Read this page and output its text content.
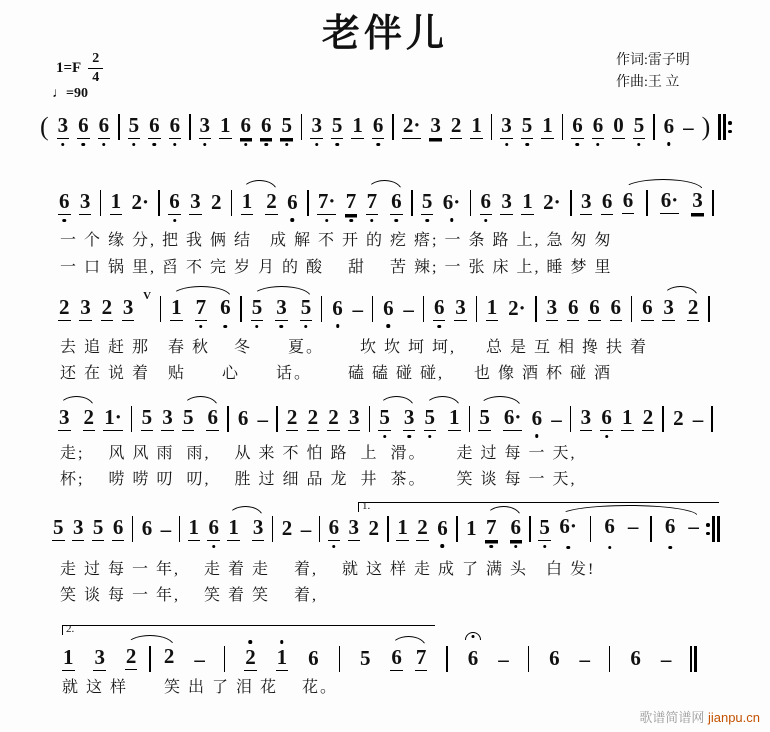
老伴儿
$1=F \frac{2}{4}$
♩=90
作词:雷子明
作曲:王 立
1.
2.
( 3 6 6 5 6 6 3 1 6 6 5 3 5 1 6 2· 3 2 1 3 5 1 6 6 0 5 6 – )
6 3 1 2· 6 3 2 1 2 6 7· 7 7 6 5 6· 6 3 1 2· 3 6 6 6· 3
2 3 2 3 V 1 7 6 5 3 5 6 – 6 – 6 3 1 2· 3 6 6 6 6 3 2
3 2 1· 5 3 5 6 6 – 2 2 2 3 5 3 5 1 5 6· 6 – 3 6 1 2 2 –
5 3 5 6 6 – 1 6 1 3 2 – 6 3 2 1 2 6 1 7 6 5 6· 6 – 6 –
1 3 2 2 – 2 1 6 5 6 7 6 – 6 – 6 –
一 个 缘 分, 把 我 俩 结   成 解 不 开 的 疙 瘩; 一 条 路 上, 急 匆 匆
一 口 锅 里, 舀 不 完 岁 月 的 酸    甜    苦 辣; 一 张 床 上, 睡 梦 里
去 追 赶 那   春 秋    冬      夏。      坎 坎 坷 坷,     总 是 互 相 搀 扶 着
还 在 说 着   贴      心      话。      磕 磕 碰 碰,     也 像 酒 杯 碰 酒
走;    风 风 雨  雨,    从 来 不 怕 路  上  滑。     走 过 每 一 天,
杯;    唠 唠 叨  叨,    胜 过 细 品 龙  井  茶。     笑 谈 每 一 天,
走 过 每 一 年,    走 着 走    着,    就 这 样 走 成 了 满 头   白 发!
笑 谈 每 一 年,    笑 着 笑    着,
就 这 样      笑 出 了 泪 花    花。
歌谱简谱网 jianpu.cn
